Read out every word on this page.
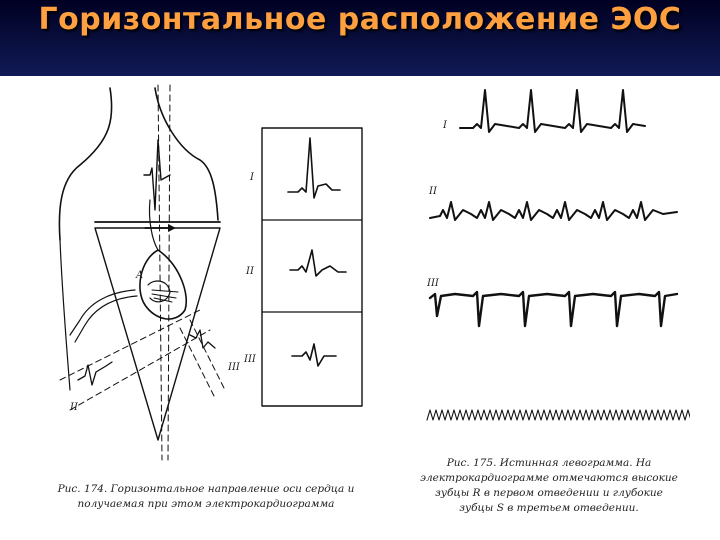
Горизонтальное расположение ЭОС
II
III
A
I
II
III
Рис. 174. Горизонтальное направление оси сердца и получаемая при этом электрокардиограмма
I
II
III
Рис. 175. Истинная левограмма. На электрокардиограмме отмечаются высокие зубцы R в первом отведении и глубокие зубцы S в третьем отведении.
